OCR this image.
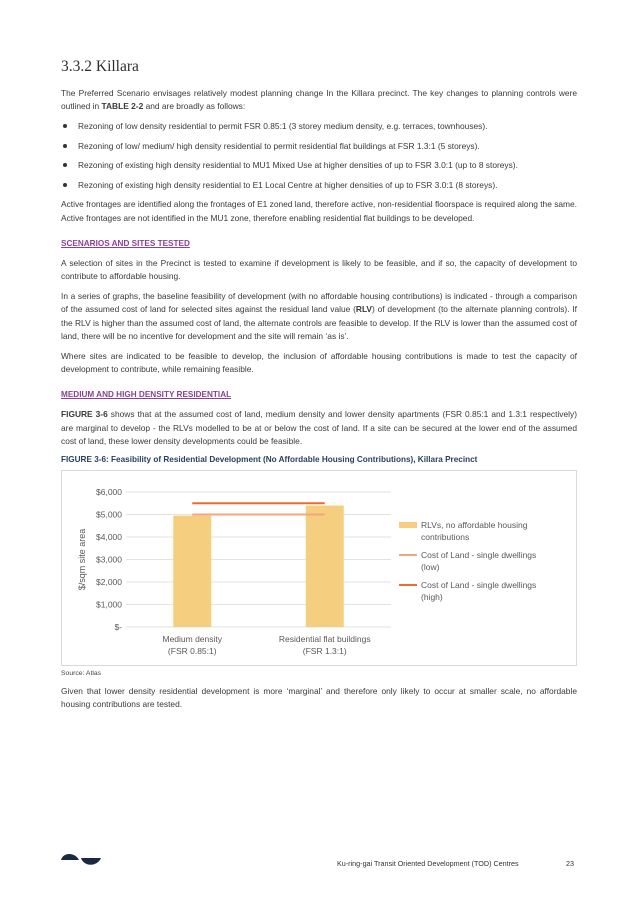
3.3.2 Killara

The Preferred Scenario envisages relatively modest planning change In the Killara precinct. The key changes to planning controls were outlined in TABLE 2-2 and are broadly as follows:

Rezoning of low density residential to permit FSR 0.85:1 (3 storey medium density, e.g. terraces, townhouses).
Rezoning of low/ medium/ high density residential to permit residential flat buildings at FSR 1.3:1 (5 storeys).
Rezoning of existing high density residential to MU1 Mixed Use at higher densities of up to FSR 3.0:1 (up to 8 storeys).
Rezoning of existing high density residential to E1 Local Centre at higher densities of up to FSR 3.0:1 (8 storeys).

Active frontages are identified along the frontages of E1 zoned land, therefore active, non-residential floorspace is required along the same. Active frontages are not identified in the MU1 zone, therefore enabling residential flat buildings to be developed.

SCENARIOS AND SITES TESTED

A selection of sites in the Precinct is tested to examine if development is likely to be feasible, and if so, the capacity of development to contribute to affordable housing.

In a series of graphs, the baseline feasibility of development (with no affordable housing contributions) is indicated - through a comparison of the assumed cost of land for selected sites against the residual land value (RLV) of development (to the alternate planning controls). If the RLV is higher than the assumed cost of land, the alternate controls are feasible to develop. If the RLV is lower than the assumed cost of land, there will be no incentive for development and the site will remain ‘as is’.

Where sites are indicated to be feasible to develop, the inclusion of affordable housing contributions is made to test the capacity of development to contribute, while remaining feasible.

MEDIUM AND HIGH DENSITY RESIDENTIAL

FIGURE 3-6 shows that at the assumed cost of land, medium density and lower density apartments (FSR 0.85:1 and 1.3:1 respectively) are marginal to develop - the RLVs modelled to be at or below the cost of land. If a site can be secured at the lower end of the assumed cost of land, these lower density developments could be feasible.

FIGURE 3-6: Feasibility of Residential Development (No Affordable Housing Contributions), Killara Precinct
$-
$1,000
$2,000
$3,000
$4,000
$5,000
$6,000
$/sqm site area
Medium density
(FSR 0.85:1)
Residential flat buildings
(FSR 1.3:1)
RLVs, no affordable housing
contributions
Cost of Land - single dwellings
(low)
Cost of Land - single dwellings
(high)
Source: Atlas

Given that lower density residential development is more ‘marginal’ and therefore only likely to occur at smaller scale, no affordable housing contributions are tested.

Ku-ring-gai Transit Oriented Development (TOD) Centres	23
